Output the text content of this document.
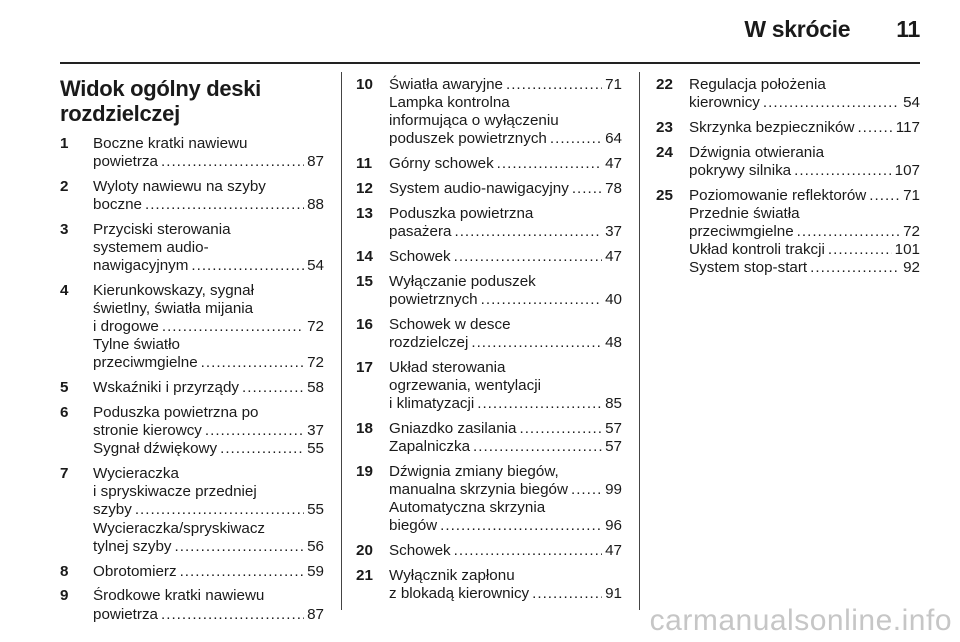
W skrócie 11
Widok ogólny deski rozdzielczej
1	Boczne kratki nawiewu
powietrza .....	87
2	Wyloty nawiewu na szyby
boczne .....	88
3	Przyciski sterowania
systemem audio-
nawigacyjnym .....	54
4	Kierunkowskazy, sygnał
świetlny, światła mijania
i drogowe .....	72
Tylne światło
przeciwmgielne .....	72
5	Wskaźniki i przyrządy .....	58
6	Poduszka powietrzna po
stronie kierowcy .....	37
Sygnał dźwiękowy .....	55
7	Wycieraczka
i spryskiwacze przedniej
szyby .....	55
Wycieraczka/spryskiwacz
tylnej szyby .....	56
8	Obrotomierz .....	59
9	Środkowe kratki nawiewu
powietrza .....	87
10	Światła awaryjne .....	71
Lampka kontrolna
informująca o wyłączeniu
poduszek powietrznych .....	64
11	Górny schowek .....	47
12	System audio-nawigacyjny ..... 78
13	Poduszka powietrzna
pasażera .....	37
14	Schowek .....	47
15	Wyłączanie poduszek
powietrznych .....	40
16	Schowek w desce
rozdzielczej .....	48
17	Układ sterowania
ogrzewania, wentylacji
i klimatyzacji .....	85
18	Gniazdko zasilania .....	57
Zapalniczka .....	57
19	Dźwignia zmiany biegów,
manualna skrzynia biegów ..... 99
Automatyczna skrzynia
biegów .....	96
20	Schowek .....	47
21	Wyłącznik zapłonu
z blokadą kierownicy .....	91
22	Regulacja położenia
kierownicy .....	54
23	Skrzynka bezpieczników .....	117
24	Dźwignia otwierania
pokrywy silnika .....	107
25	Poziomowanie reflektorów ..... 71
Przednie światła
przeciwmgielne .....	72
Układ kontroli trakcji .....	101
System stop-start .....	92
carmanualsonline.info
